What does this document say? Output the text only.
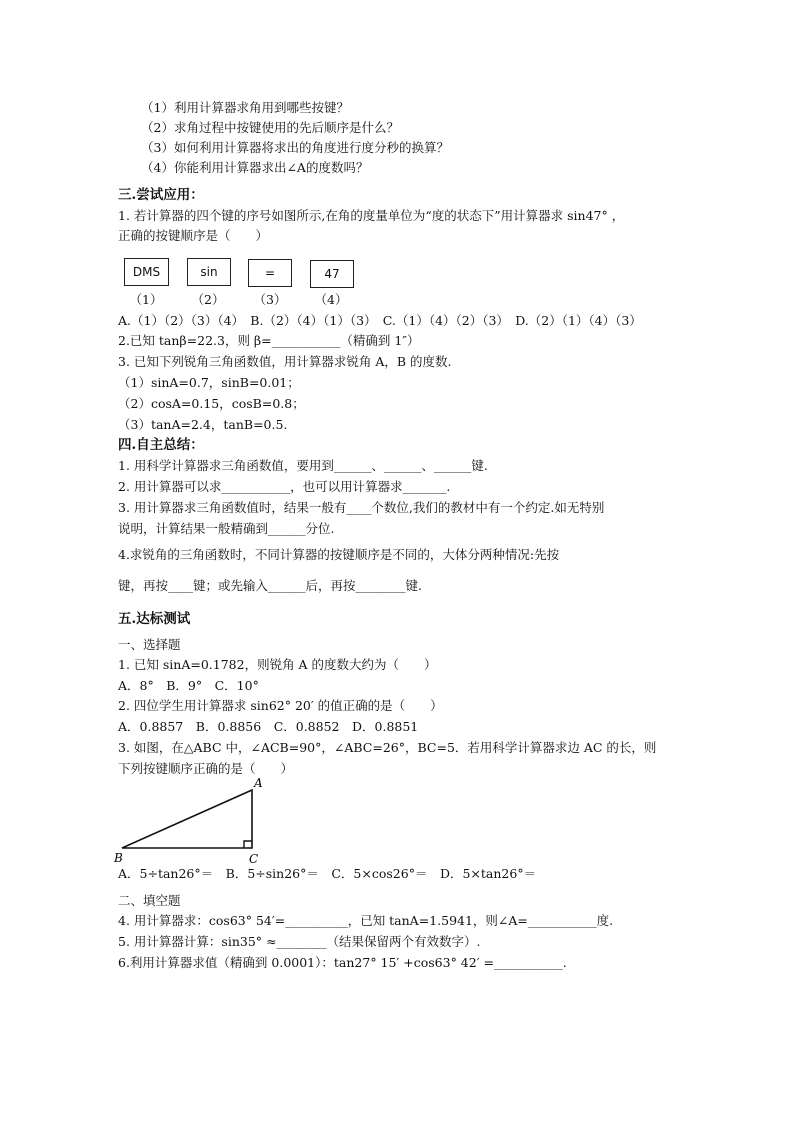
（1）利用计算器求角用到哪些按键？
（2）求角过程中按键使用的先后顺序是什么？
（3）如何利用计算器将求出的角度进行度分秒的换算？
（4）你能利用计算器求出∠A的度数吗？
三.尝试应用：
1. 若计算器的四个键的序号如图所示,在角的度量单位为“度的状态下”用计算器求 sin47° ，
正确的按键顺序是（　　）
DMS	sin	=	47
（1） （2） （3） （4）
A.（1）（2）（3）（4）　B.（2）（4）（1）（3）　C.（1）（4）（2）（3）　D.（2）（1）（4）（3）
2.已知 tanβ=22.3，则 β=___________（精确到 1″）
3. 已知下列锐角三角函数值，用计算器求锐角 A，B 的度数.
（1）sinA=0.7，sinB=0.01；
（2）cosA=0.15，cosB=0.8；
（3）tanA=2.4，tanB=0.5.
四.自主总结：
1. 用科学计算器求三角函数值，要用到______、______、______键.
2. 用计算器可以求___________，也可以用计算器求_______.
3. 用计算器求三角函数值时，结果一般有____个数位,我们的教材中有一个约定.如无特别
说明，计算结果一般精确到______分位.
4.求锐角的三角函数时，不同计算器的按键顺序是不同的，大体分两种情况:先按
键，再按____键；或先输入______后，再按________键.
五.达标测试
一、选择题
1. 已知 sinA=0.1782，则锐角 A 的度数大约为（　　）
A．8°　B．9°　C．10°
2. 四位学生用计算器求 sin62° 20′ 的值正确的是（　　）
A．0.8857　B．0.8856　C．0.8852　D．0.8851
3. 如图，在△ABC 中，∠ACB=90°，∠ABC=26°，BC=5．若用科学计算器求边 AC 的长，则
下列按键顺序正确的是（　　）
A
B	C
A．5÷tan26°＝　B．5÷sin26°＝　C．5×cos26°＝　D．5×tan26°＝
二、填空题
4. 用计算器求：cos63° 54′=__________，已知 tanA=1.5941，则∠A=___________度.
5. 用计算器计算：sin35° ≈________（结果保留两个有效数字）.
6.利用计算器求值（精确到 0.0001）：tan27° 15′ +cos63° 42′ =___________.
